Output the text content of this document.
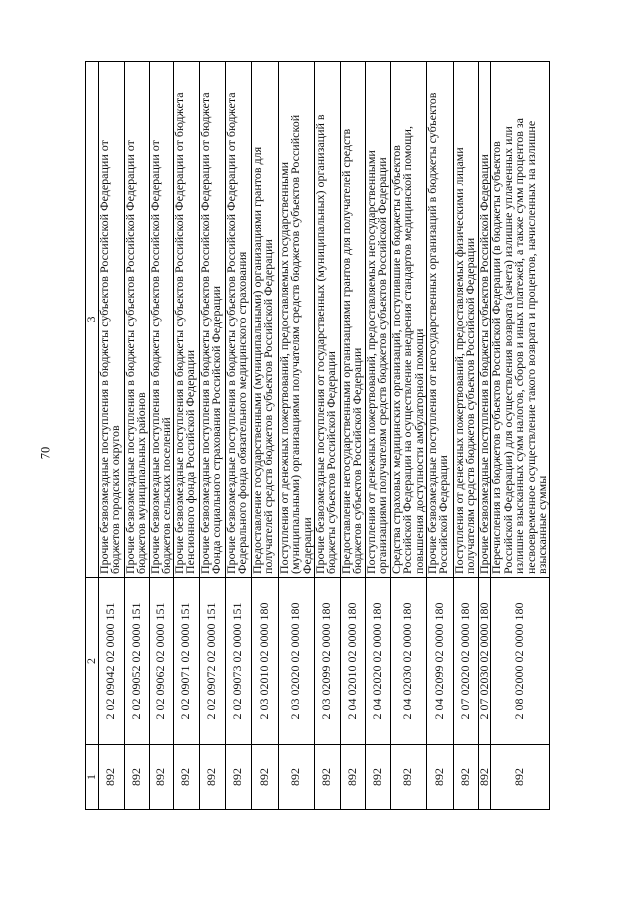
70
1	2	3
892	2 02 09042 02 0000 151	Прочие безвозмездные поступления в бюджеты субъектов Российской Федерации от
бюджетов городских округов
892	2 02 09052 02 0000 151	Прочие безвозмездные поступления в бюджеты субъектов Российской Федерации от
бюджетов муниципальных районов
892	2 02 09062 02 0000 151	Прочие безвозмездные поступления в бюджеты субъектов Российской Федерации от
бюджетов сельских поселений
892	2 02 09071 02 0000 151	Прочие безвозмездные поступления в бюджеты субъектов Российской Федерации от бюджета
Пенсионного фонда Российской Федерации
892	2 02 09072 02 0000 151	Прочие безвозмездные поступления в бюджеты субъектов Российской Федерации от бюджета
Фонда социального страхования Российской Федерации
892	2 02 09073 02 0000 151	Прочие безвозмездные поступления в бюджеты субъектов Российской Федерации от бюджета
Федерального фонда обязательного медицинского страхования
892	2 03 02010 02 0000 180	Предоставление государственными (муниципальными) организациями грантов для
получателей средств бюджетов субъектов Российской Федерации
892	2 03 02020 02 0000 180	Поступления от денежных пожертвований, предоставляемых государственными
(муниципальными) организациями получателям средств бюджетов субъектов Российской
Федерации
892	2 03 02099 02 0000 180	Прочие безвозмездные поступления от государственных (муниципальных) организаций в
бюджеты субъектов Российской Федерации
892	2 04 02010 02 0000 180	Предоставление негосударственными организациями грантов для получателей средств
бюджетов субъектов Российской Федерации
892	2 04 02020 02 0000 180	Поступления от денежных пожертвований, предоставляемых негосударственными
организациями получателям средств бюджетов субъектов Российской Федерации
892	2 04 02030 02 0000 180	Средства страховых медицинских организаций, поступившие в бюджеты субъектов
Российской Федерации на осуществление внедрения стандартов медицинской помощи,
повышения доступности амбулаторной помощи
892	2 04 02099 02 0000 180	Прочие безвозмездные поступления от негосударственных организаций в бюджеты субъектов
Российской Федерации
892	2 07 02020 02 0000 180	Поступления от денежных пожертвований, предоставляемых физическими лицами
получателям средств бюджетов субъектов Российской Федерации
892	2 07 02030 02 0000 180	Прочие безвозмездные поступления в бюджеты субъектов Российской Федерации
892	2 08 02000 02 0000 180	Перечисления из бюджетов субъектов Российской Федерации (в бюджеты субъектов
Российской Федерации) для осуществления возврата (зачета) излишне уплаченных или
излишне взысканных сумм налогов, сборов и иных платежей, а также сумм процентов за
несвоевременное осуществление такого возврата и процентов, начисленных на излишне
взысканные суммы
